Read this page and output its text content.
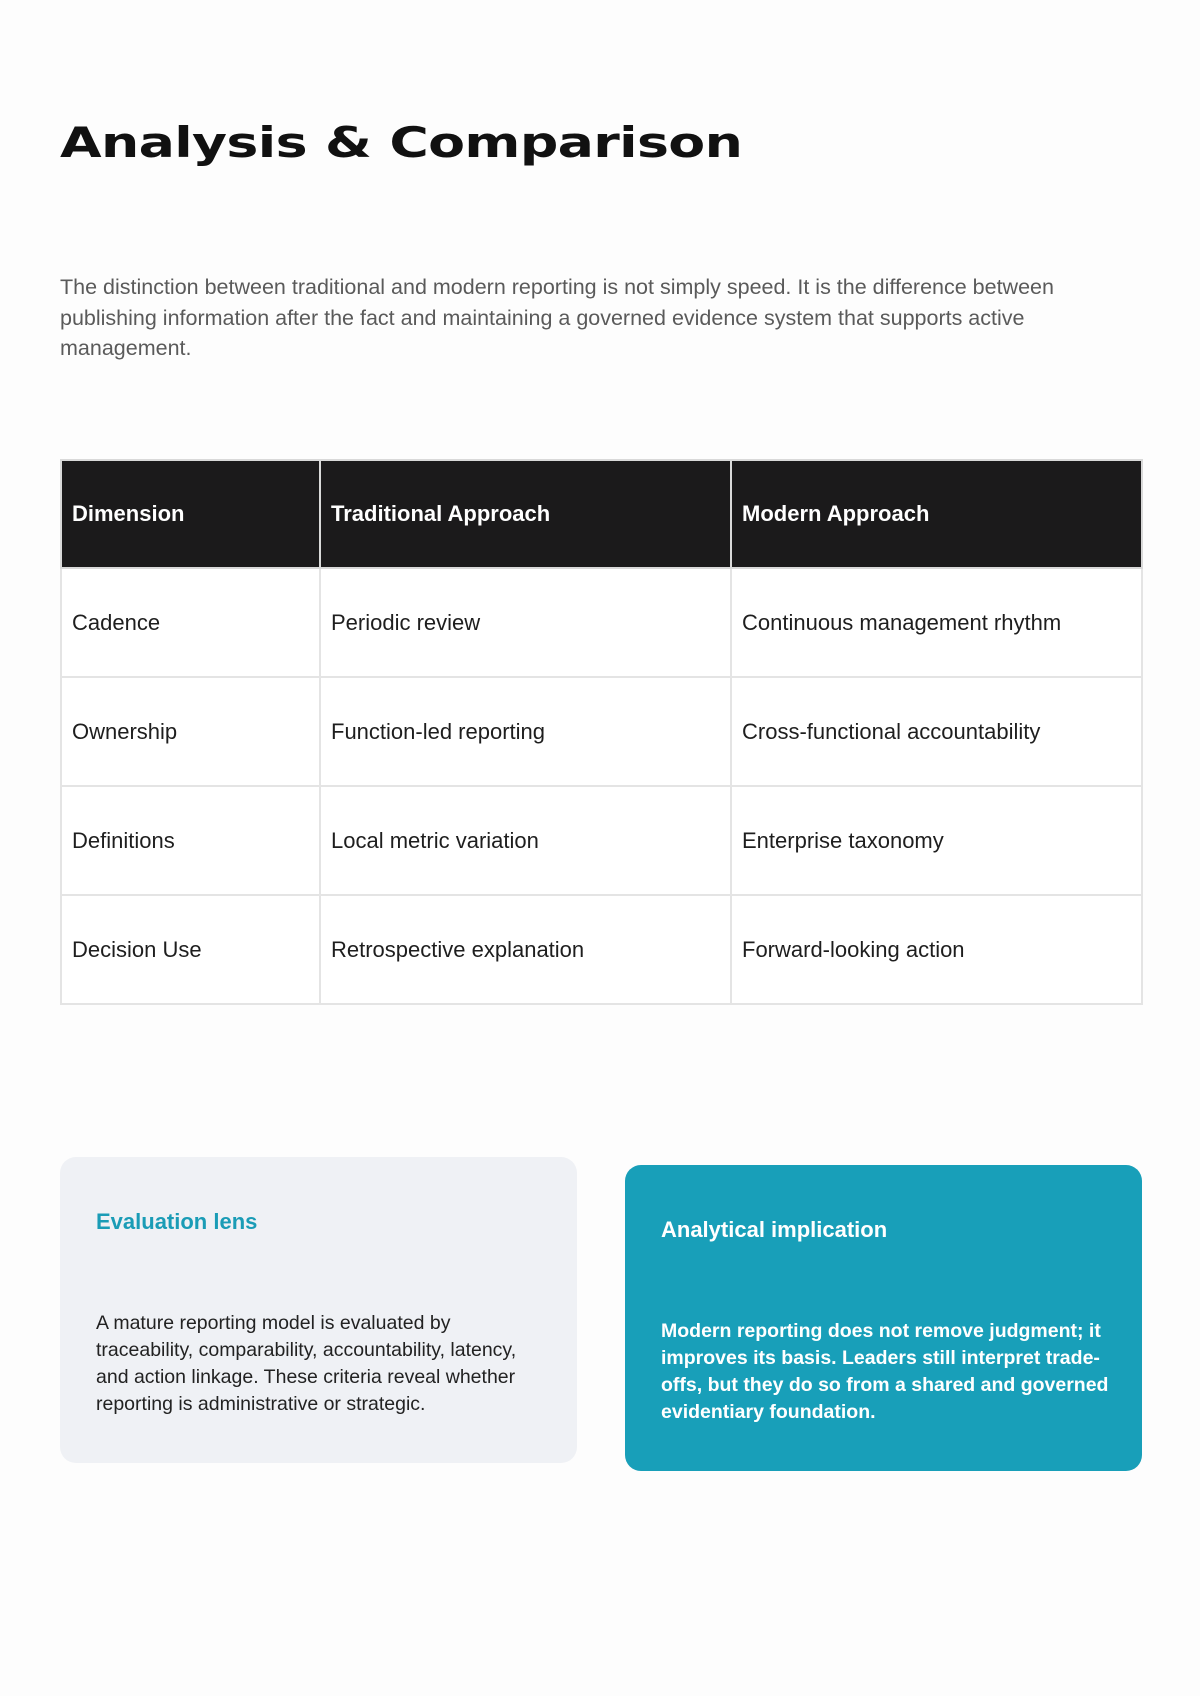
Analysis & Comparison

The distinction between traditional and modern reporting is not simply speed. It is the difference between publishing information after the fact and maintaining a governed evidence system that supports active management.

Dimension	Traditional Approach	Modern Approach
Cadence	Periodic review	Continuous management rhythm
Ownership	Function-led reporting	Cross-functional accountability
Definitions	Local metric variation	Enterprise taxonomy
Decision Use	Retrospective explanation	Forward-looking action
Evaluation lens

A mature reporting model is evaluated by traceability, comparability, accountability, latency, and action linkage. These criteria reveal whether reporting is administrative or strategic.

Analytical implication

Modern reporting does not remove judgment; it improves its basis. Leaders still interpret trade-offs, but they do so from a shared and governed evidentiary foundation.
